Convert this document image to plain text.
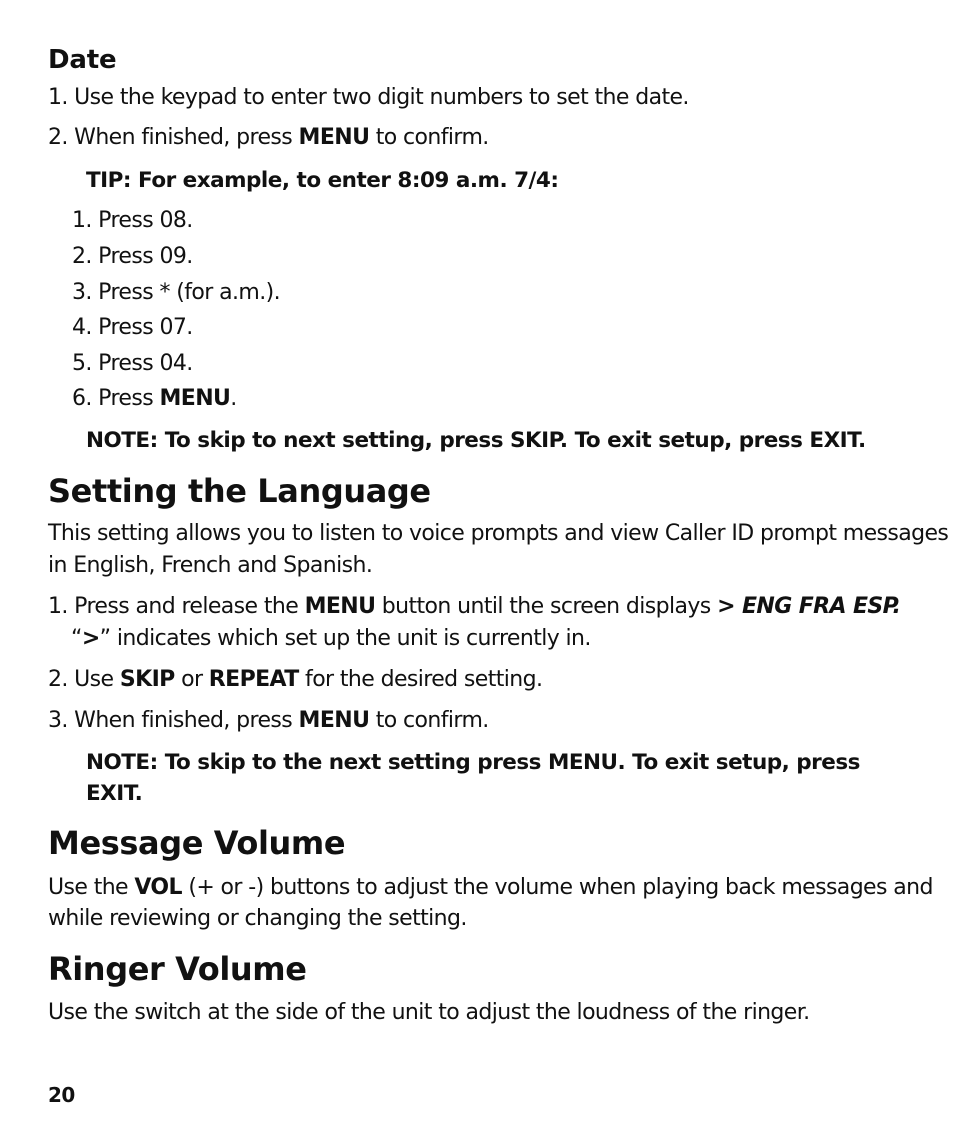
Date
1. Use the keypad to enter two digit numbers to set the date.
2. When finished, press MENU to confirm.
TIP: For example, to enter 8:09 a.m. 7/4:
1. Press 08.
2. Press 09.
3. Press * (for a.m.).
4. Press 07.
5. Press 04.
6. Press MENU.
NOTE: To skip to next setting, press SKIP. To exit setup, press EXIT.
Setting the Language
This setting allows you to listen to voice prompts and view Caller ID prompt messages
in English, French and Spanish.
1. Press and release the MENU button until the screen displays > ENG FRA ESP.
“>” indicates which set up the unit is currently in.
2. Use SKIP or REPEAT for the desired setting.
3. When finished, press MENU to confirm.
NOTE: To skip to the next setting press MENU. To exit setup, press
EXIT.
Message Volume
Use the VOL (+ or -) buttons to adjust the volume when playing back messages and
while reviewing or changing the setting.
Ringer Volume
Use the switch at the side of the unit to adjust the loudness of the ringer.
20
